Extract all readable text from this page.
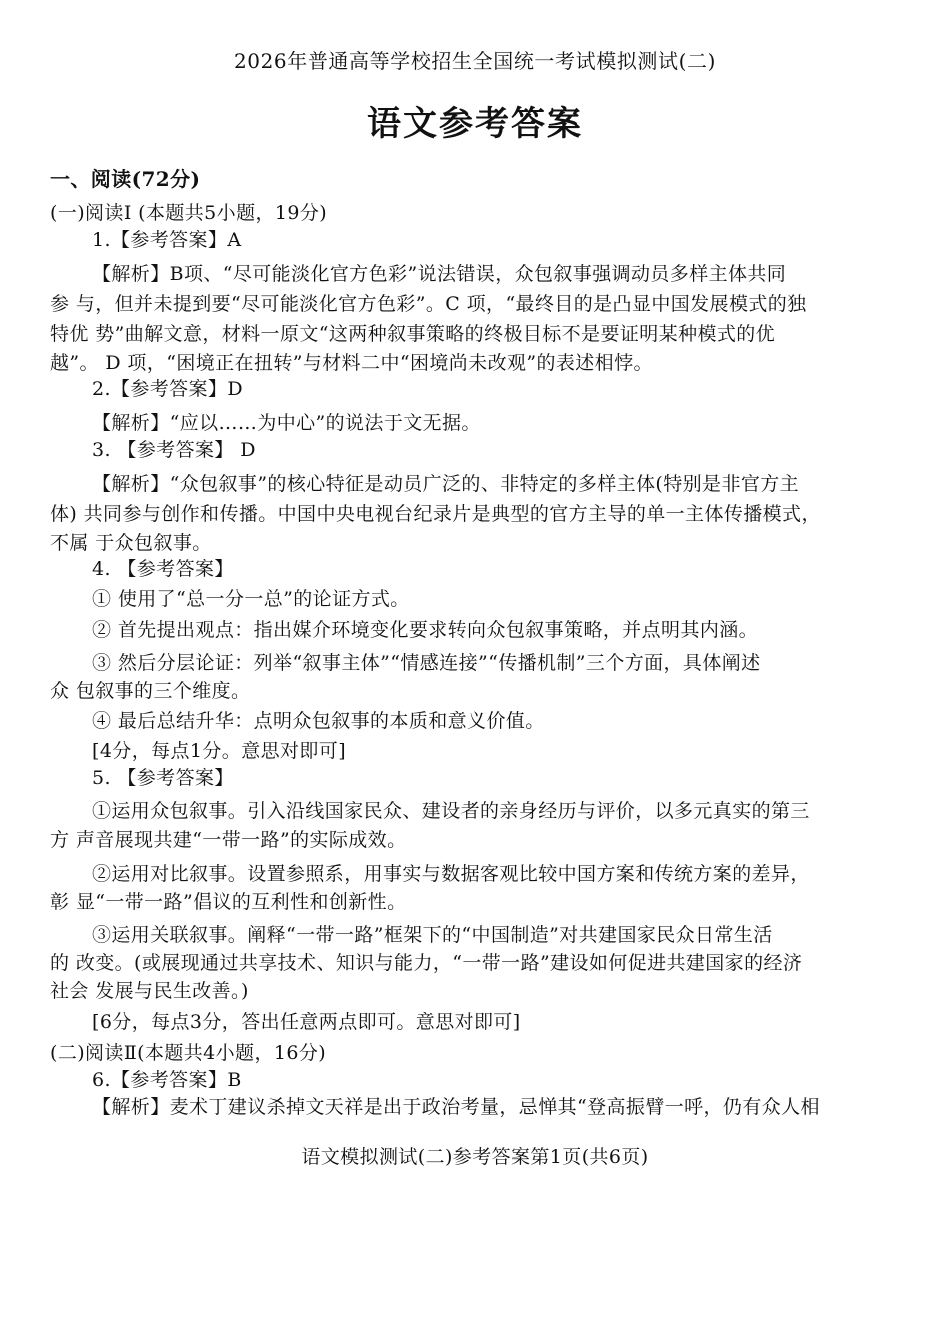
2026年普通高等学校招生全国统一考试模拟测试(二)

语文参考答案

一、阅读(72分)

(一)阅读Ⅰ (本题共5小题，19分)

1.【参考答案】A

【解析】B项、“尽可能淡化官方色彩”说法错误，众包叙事强调动员多样主体共同

参 与，但并未提到要“尽可能淡化官方色彩”。C 项，“最终目的是凸显中国发展模式的独

特优 势”曲解文意，材料一原文“这两种叙事策略的终极目标不是要证明某种模式的优

越”。 D 项，“困境正在扭转”与材料二中“困境尚未改观”的表述相悖。

2.【参考答案】D

【解析】“应以……为中心”的说法于文无据。

3. 【参考答案】 D

【解析】“众包叙事”的核心特征是动员广泛的、非特定的多样主体(特别是非官方主

体) 共同参与创作和传播。中国中央电视台纪录片是典型的官方主导的单一主体传播模式，

不属 于众包叙事。

4. 【参考答案】

① 使用了“总一分一总”的论证方式。

② 首先提出观点：指出媒介环境变化要求转向众包叙事策略，并点明其内涵。

③ 然后分层论证：列举“叙事主体”“情感连接”“传播机制”三个方面，具体阐述

众 包叙事的三个维度。

④ 最后总结升华：点明众包叙事的本质和意义价值。

[4分，每点1分。意思对即可]

5. 【参考答案】

①运用众包叙事。引入沿线国家民众、建设者的亲身经历与评价，以多元真实的第三

方 声音展现共建“一带一路”的实际成效。

②运用对比叙事。设置参照系，用事实与数据客观比较中国方案和传统方案的差异，

彰 显“一带一路”倡议的互利性和创新性。

③运用关联叙事。阐释“一带一路”框架下的“中国制造”对共建国家民众日常生活

的 改变。(或展现通过共享技术、知识与能力，“一带一路”建设如何促进共建国家的经济

社会 发展与民生改善。)

[6分，每点3分，答出任意两点即可。意思对即可]

(二)阅读Ⅱ(本题共4小题，16分)

6.【参考答案】B

【解析】麦术丁建议杀掉文天祥是出于政治考量，忌惮其“登高振臂一呼，仍有众人相

语文模拟测试(二)参考答案第1页(共6页)
